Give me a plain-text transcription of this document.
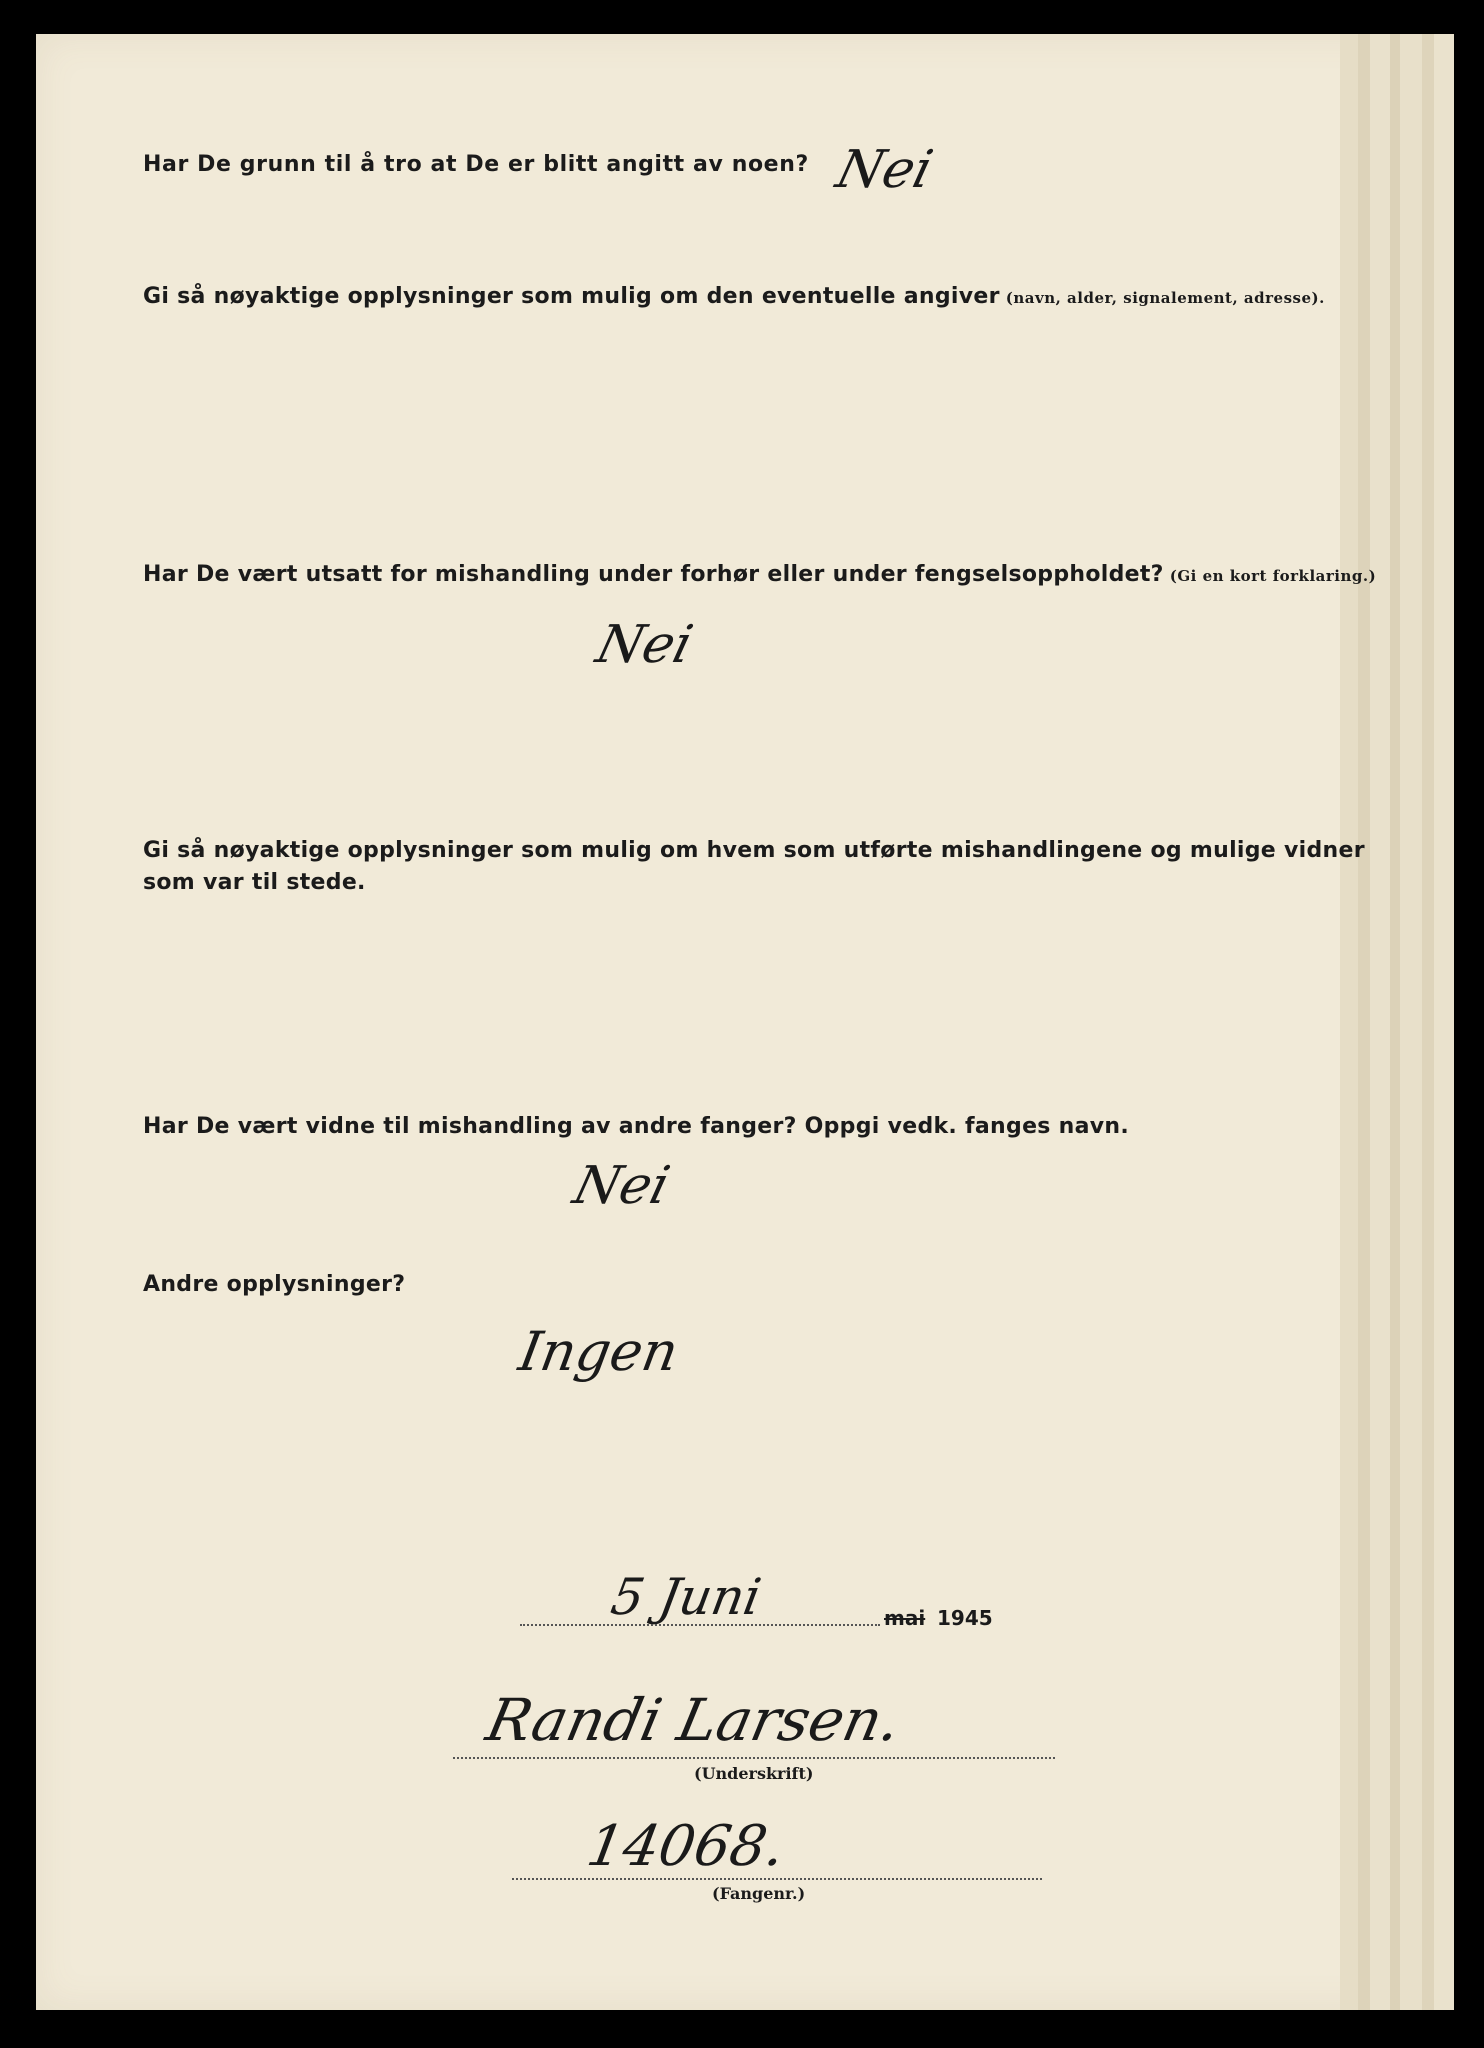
Har De grunn til å tro at De er blitt angitt av noen? Nei

Gi så nøyaktige opplysninger som mulig om den eventuelle angiver (navn, alder, signalement, adresse).

Har De vært utsatt for mishandling under forhør eller under fengselsoppholdet? (Gi en kort forklaring.)

Nei

Gi så nøyaktige opplysninger som mulig om hvem som utførte mishandlingene og mulige vidner

som var til stede.

Har De vært vidne til mishandling av andre fanger? Oppgi vedk. fanges navn.

Nei

Andre opplysninger?

Ingen
5 Juni	mai 1945
Randi Larsen.
(Underskrift)
14068.
(Fangenr.)
